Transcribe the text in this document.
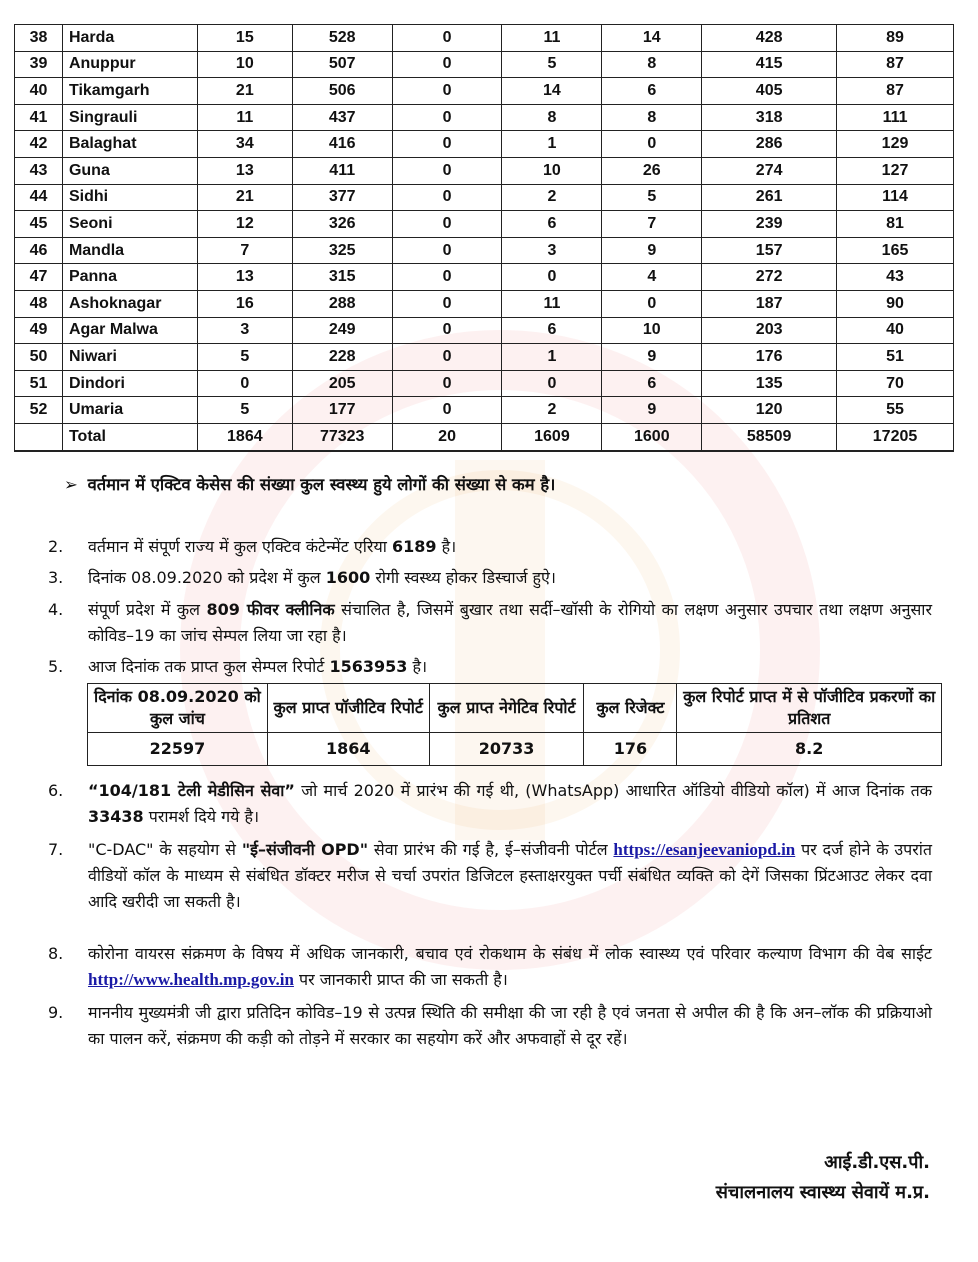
38	Harda	15	528	0	11	14	428	89
39	Anuppur	10	507	0	5	8	415	87
40	Tikamgarh	21	506	0	14	6	405	87
41	Singrauli	11	437	0	8	8	318	111
42	Balaghat	34	416	0	1	0	286	129
43	Guna	13	411	0	10	26	274	127
44	Sidhi	21	377	0	2	5	261	114
45	Seoni	12	326	0	6	7	239	81
46	Mandla	7	325	0	3	9	157	165
47	Panna	13	315	0	0	4	272	43
48	Ashoknagar	16	288	0	11	0	187	90
49	Agar Malwa	3	249	0	6	10	203	40
50	Niwari	5	228	0	1	9	176	51
51	Dindori	0	205	0	0	6	135	70
52	Umaria	5	177	0	2	9	120	55
	Total	1864	77323	20	1609	1600	58509	17205
➢ वर्तमान में एक्टिव केसेस की संख्या कुल स्वस्थ्य हुये लोगों की संख्या से कम है।
2.	वर्तमान में संपूर्ण राज्य में कुल एक्टिव कंटेन्मेंट एरिया 6189 है।
3.	दिनांक 08.09.2020 को प्रदेश में कुल 1600 रोगी स्वस्थ्य होकर डिस्चार्ज हुऐ।
4.	संपूर्ण प्रदेश में कुल 809 फीवर क्लीनिक संचालित है, जिसमें बुखार तथा सर्दी–खॉसी के रोगियो का लक्षण अनुसार उपचार तथा लक्षण अनुसार कोविड–19 का जांच सेम्पल लिया जा रहा है।
5.	आज दिनांक तक प्राप्त कुल सेम्पल रिपोर्ट 1563953 है।
दिनांक 08.09.2020 को कुल जांच	कुल प्राप्त पॉजीटिव रिपोर्ट	कुल प्राप्त नेगेटिव रिपोर्ट	कुल रिजेक्ट	कुल रिपोर्ट प्राप्त में से पॉजीटिव प्रकरणों का प्रतिशत
22597	1864	20733	176	8.2
6.	“104/181 टेली मेडीसिन सेवा” जो मार्च 2020 में प्रारंभ की गई थी, (WhatsApp) आधारित ऑडियो वीडियो कॉल) में आज दिनांक तक 33438 परामर्श दिये गये है।
7.	"C-DAC" के सहयोग से "ई–संजीवनी OPD" सेवा प्रारंभ की गई है, ई–संजीवनी पोर्टल https://esanjeevaniopd.in पर दर्ज होने के उपरांत वीडियों कॉल के माध्यम से संबंधित डॉक्टर मरीज से चर्चा उपरांत डिजिटल हस्ताक्षरयुक्त पर्ची संबंधित व्यक्ति को देगें जिसका प्रिंटआउट लेकर दवा आदि खरीदी जा सकती है।
8.	कोरोना वायरस संक्रमण के विषय में अधिक जानकारी, बचाव एवं रोकथाम के संबंध में लोक स्वास्थ्य एवं परिवार कल्याण विभाग की वेब साईट http://www.health.mp.gov.in पर जानकारी प्राप्त की जा सकती है।
9.	माननीय मुख्यमंत्री जी द्वारा प्रतिदिन कोविड–19 से उत्पन्न स्थिति की समीक्षा की जा रही है एवं जनता से अपील की है कि अन–लॉक की प्रक्रियाओ का पालन करें, संक्रमण की कड़ी को तोड़ने में सरकार का सहयोग करें और अफवाहों से दूर रहें।
आई.डी.एस.पी.
संचालनालय स्वास्थ्य सेवायें म.प्र.
